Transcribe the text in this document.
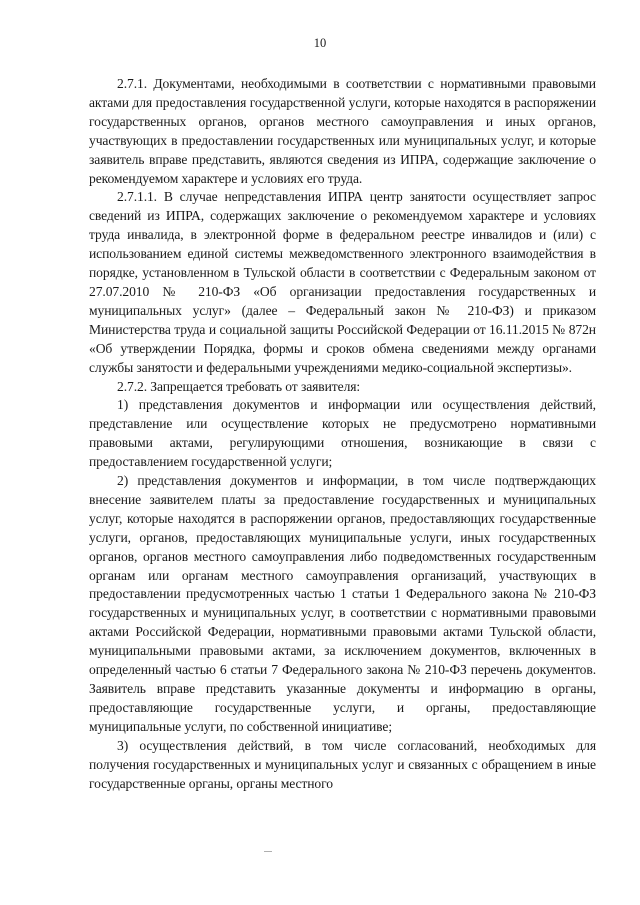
10

2.7.1. Документами, необходимыми в соответствии с нормативными правовыми актами для предоставления государственной услуги, которые находятся в распоряжении государственных органов, органов местного самоуправления и иных органов, участвующих в предоставлении государственных или муниципальных услуг, и которые заявитель вправе представить, являются сведения из ИПРА, содержащие заключение о рекомендуемом характере и условиях его труда.

2.7.1.1. В случае непредставления ИПРА центр занятости осуществляет запрос сведений из ИПРА, содержащих заключение о рекомендуемом характере и условиях труда инвалида, в электронной форме в федеральном реестре инвалидов и (или) с использованием единой системы межведомственного электронного взаимодействия в порядке, установленном в Тульской области в соответствии с Федеральным законом от 27.07.2010 № 210-ФЗ «Об организации предоставления государственных и муниципальных услуг» (далее – Федеральный закон № 210-ФЗ) и приказом Министерства труда и социальной защиты Российской Федерации от 16.11.2015 № 872н «Об утверждении Порядка, формы и сроков обмена сведениями между органами службы занятости и федеральными учреждениями медико-социальной экспертизы».

2.7.2. Запрещается требовать от заявителя:

1) представления документов и информации или осуществления действий, представление или осуществление которых не предусмотрено нормативными правовыми актами, регулирующими отношения, возникающие в связи с предоставлением государственной услуги;

2) представления документов и информации, в том числе подтверждающих внесение заявителем платы за предоставление государственных и муниципальных услуг, которые находятся в распоряжении органов, предоставляющих государственные услуги, органов, предоставляющих муниципальные услуги, иных государственных органов, органов местного самоуправления либо подведомственных государственным органам или органам местного самоуправления организаций, участвующих в предоставлении предусмотренных частью 1 статьи 1 Федерального закона № 210-ФЗ государственных и муниципальных услуг, в соответствии с нормативными правовыми актами Российской Федерации, нормативными правовыми актами Тульской области, муниципальными правовыми актами, за исключением документов, включенных в определенный частью 6 статьи 7 Федерального закона № 210-ФЗ перечень документов. Заявитель вправе представить указанные документы и информацию в органы, предоставляющие государственные услуги, и органы, предоставляющие муниципальные услуги, по собственной инициативе;

3) осуществления действий, в том числе согласований, необходимых для получения государственных и муниципальных услуг и связанных с обращением в иные государственные органы, органы местного
